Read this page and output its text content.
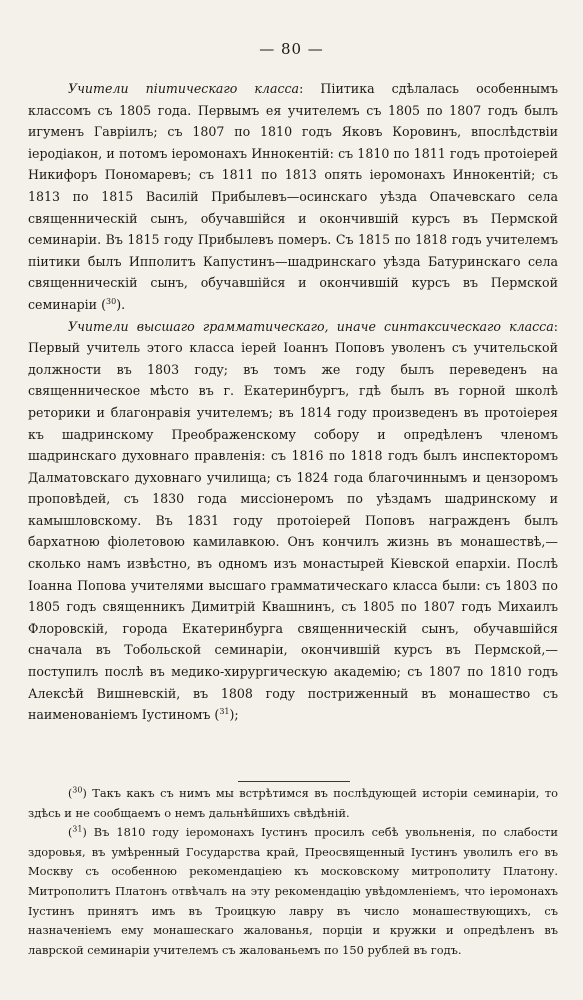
— 80 —

Учители піитическаго класса: Піитика сдѣлалась особеннымъ классомъ съ 1805 года. Первымъ ея учителемъ съ 1805 по 1807 годъ былъ игуменъ Гавріилъ; съ 1807 по 1810 годъ Яковъ Коровинъ, впослѣдствіи іеродіакон, и потомъ іеромонахъ Иннокентій: съ 1810 по 1811 годъ протоіерей Никифоръ Пономаревъ; съ 1811 по 1813 опять іеромонахъ Иннокентій; съ 1813 по 1815 Василій Прибылевъ—осинскаго уѣзда Опачевскаго села священническій сынъ, обучавшійся и окончившій курсъ въ Пермской семинаріи. Въ 1815 году Прибылевъ померъ. Съ 1815 по 1818 годъ учителемъ піитики былъ Ипполитъ Капустинъ—шадринскаго уѣзда Батуринскаго села священническій сынъ, обучавшійся и окончившій курсъ въ Пермской семинаріи ($^{30}$).

Учители высшаго грамматическаго, иначе синтаксическаго класса: Первый учитель этого класса іерей Іоаннъ Поповъ уволенъ съ учительской должности въ 1803 году; въ томъ же году былъ переведенъ на священническое мѣсто въ г. Екатеринбургъ, гдѣ былъ въ горной школѣ реторики и благонравія учителемъ; въ 1814 году произведенъ въ протоіерея къ шадринскому Преображенскому собору и опредѣленъ членомъ шадринскаго духовнаго правленія: съ 1816 по 1818 годъ былъ инспекторомъ Далматовскаго духовнаго училища; съ 1824 года благочиннымъ и цензоромъ проповѣдей, съ 1830 года миссіонеромъ по уѣздамъ шадринскому и камышловскому. Въ 1831 году протоіерей Поповъ награжденъ былъ бархатною фіолетовою камилавкою. Онъ кончилъ жизнь въ монашествѣ,— сколько намъ извѣстно, въ одномъ изъ монастырей Кіевской епархіи. Послѣ Іоанна Попова учителями высшаго грамматическаго класса были: съ 1803 по 1805 годъ священникъ Димитрій Квашнинъ, съ 1805 по 1807 годъ Михаилъ Флоровскій, города Екатеринбурга священническій сынъ, обучавшійся сначала въ Тобольской семинаріи, окончившій курсъ въ Пермской,—поступилъ послѣ въ медико-хирургическую академію; съ 1807 по 1810 годъ Алексѣй Вишневскій, въ 1808 году постриженный въ монашество съ наименованіемъ Іустиномъ ($^{31}$);

($^{30}$) Такъ какъ съ нимъ мы встрѣтимся въ послѣдующей исторіи семинаріи, то здѣсь и не сообщаемъ о немъ дальнѣйшихъ свѣдѣній.

($^{31}$) Въ 1810 году іеромонахъ Іустинъ просилъ себѣ увольненія, по слабости здоровья, въ умѣренный Государства край, Преосвященный Іустинъ уволилъ его въ Москву съ особенною рекомендаціею къ московскому митрополиту Платону. Митрополитъ Платонъ отвѣчалъ на эту рекомендацію увѣдомленіемъ, что іеромонахъ Іустинъ принятъ имъ въ Троицкую лавру въ число монашествующихъ, съ назначеніемъ ему монашескаго жалованья, порціи и кружки и опредѣленъ въ лаврской семинаріи учителемъ съ жалованьемъ по 150 рублей въ годъ.
